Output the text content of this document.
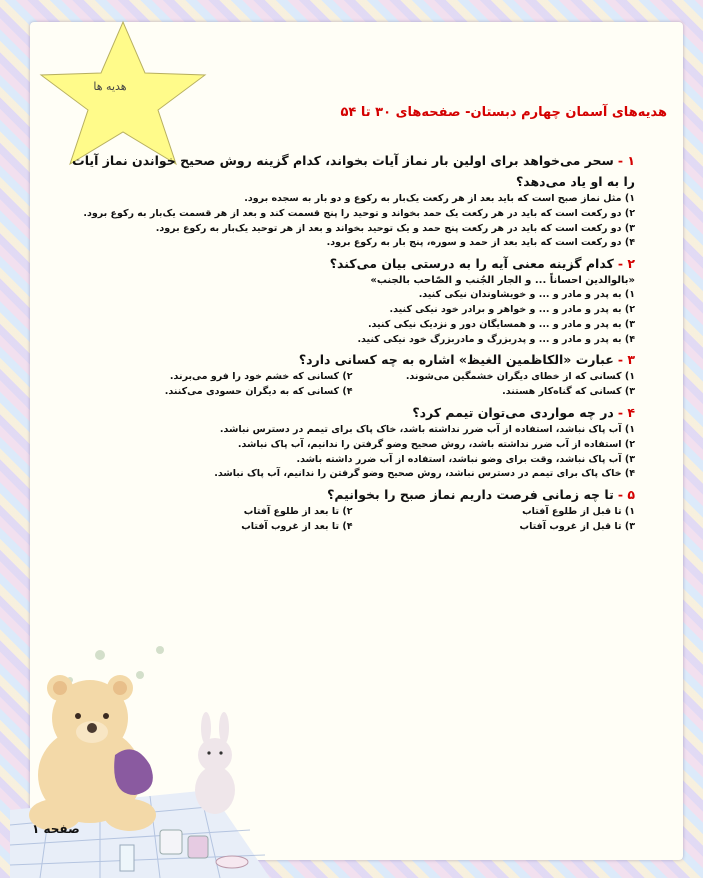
هدیه ها
هدیه‌های آسمان چهارم دبستان- صفحه‌های ۳۰ تا ۵۴

۱ -سحر می‌خواهد برای اولین بار نماز آیات بخواند، کدام گزینه روش صحیح خواندن نماز آیات را به او یاد می‌دهد؟

۱) مثل نماز صبح است که باید بعد از هر رکعت یک‌بار به رکوع و دو بار به سجده برود.

۲) دو رکعت است که باید در هر رکعت یک حمد بخواند و توحید را پنج قسمت کند و بعد از هر قسمت یک‌بار به رکوع برود.

۳) دو رکعت است که باید در هر رکعت پنج حمد و یک توحید بخواند و بعد از هر توحید یک‌بار به رکوع برود.

۴) دو رکعت است که باید بعد از حمد و سوره، پنج بار به رکوع برود.

۲ -کدام گزینه معنی آیه را به درستی بیان می‌کند؟

«بالوالدین احساناً ... و الجار الجُنب و الصّاحب بالجنب»

۱) به پدر و مادر و ... و خویشاوندان نیکی کنید.

۲) به پدر و مادر و ... و خواهر و برادر خود نیکی کنید.

۳) به پدر و مادر و ... و همسایگان دور و نزدیک نیکی کنید.

۴) به پدر و مادر و ... و پدربزرگ و مادربزرگ خود نیکی کنید.

۳ -عبارت «الکاظمین الغیظ» اشاره به چه کسانی دارد؟

۱) کسانی که از خطای دیگران خشمگین می‌شوند.

۲) کسانی که خشم خود را فرو می‌برند.

۳) کسانی که گناه‌کار هستند.

۴) کسانی که به دیگران حسودی می‌کنند.

۴ -در چه مواردی می‌توان تیمم کرد؟

۱) آب پاک نباشد، استفاده از آب ضرر نداشته باشد، خاک پاک برای تیمم در دسترس نباشد.

۲) استفاده از آب ضرر نداشته باشد، روش صحیح وضو گرفتن را ندانیم، آب پاک نباشد.

۳) آب پاک نباشد، وقت برای وضو نباشد، استفاده از آب ضرر داشته باشد.

۴) خاک پاک برای تیمم در دسترس نباشد، روش صحیح وضو گرفتن را ندانیم، آب پاک نباشد.

۵ -تا چه زمانی فرصت داریم نماز صبح را بخوانیم؟

۱) تا قبل از طلوع آفتاب

۲) تا بعد از طلوع آفتاب

۳) تا قبل از غروب آفتاب

۴) تا بعد از غروب آفتاب

صفحه ۱
